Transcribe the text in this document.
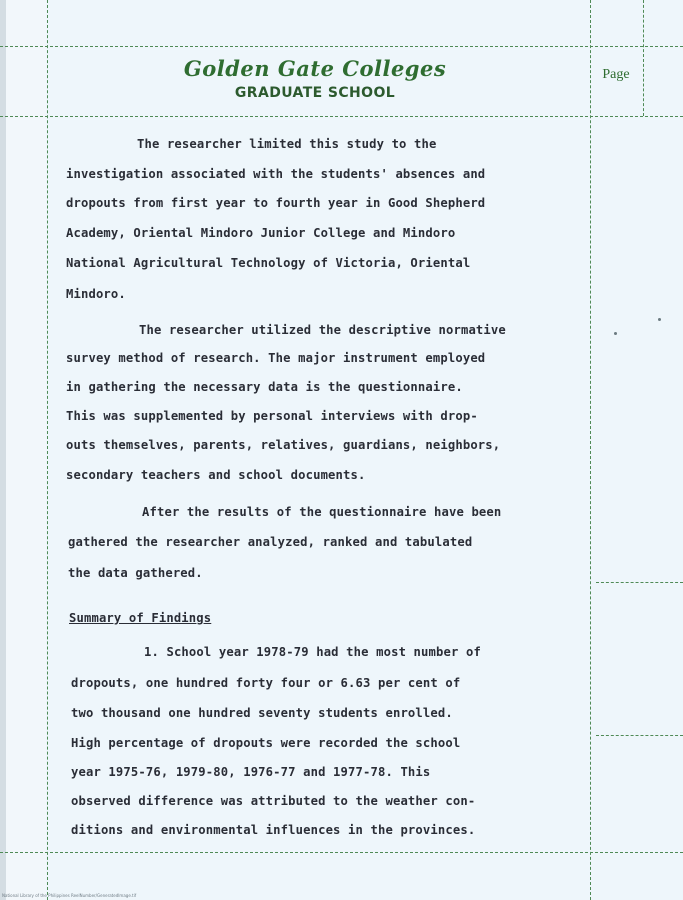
Golden Gate Colleges
GRADUATE SCHOOL
Page

The researcher limited this study to the

investigation associated with the students' absences and

dropouts from first year to fourth year in Good Shepherd

Academy, Oriental Mindoro Junior College and Mindoro

National Agricultural Technology of Victoria, Oriental

Mindoro.

The researcher utilized the descriptive normative

survey method of research. The major instrument employed

in gathering the necessary data is the questionnaire.

This was supplemented by personal interviews with drop-

outs themselves, parents, relatives, guardians, neighbors,

secondary teachers and school documents.

After the results of the questionnaire have been

gathered the researcher analyzed, ranked and tabulated

the data gathered.

Summary of Findings

1. School year 1978-79 had the most number of

dropouts, one hundred forty four or 6.63 per cent of

two thousand one hundred seventy students enrolled.

High percentage of dropouts were recorded the school

year 1975-76, 1979-80, 1976-77 and 1977-78. This

observed difference was attributed to the weather con-

ditions and environmental influences in the provinces.

National Library of the Philippines ReelNumber/GeneratedImage.tif
